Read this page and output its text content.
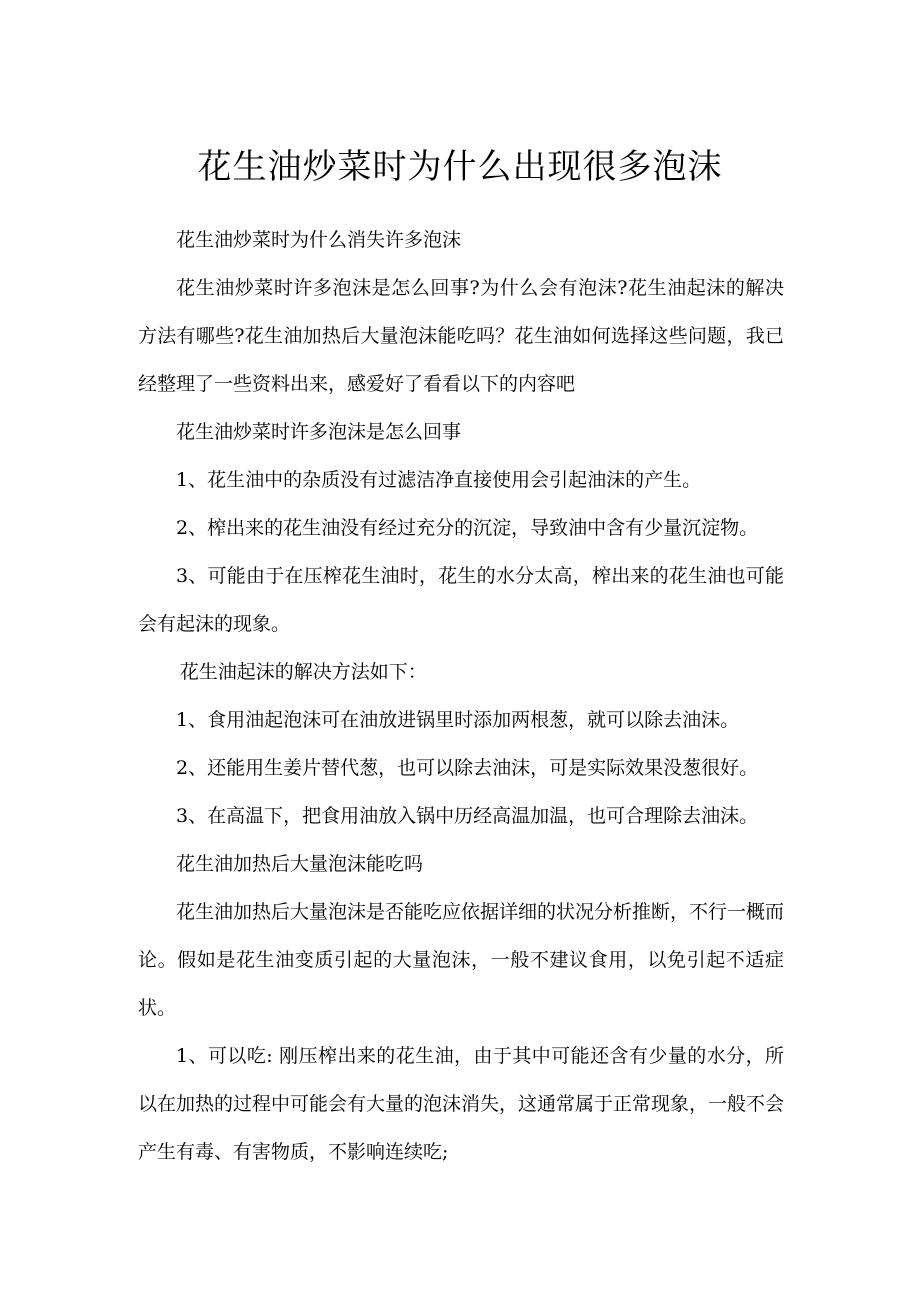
花生油炒菜时为什么出现很多泡沫

花生油炒菜时为什么消失许多泡沫

花生油炒菜时许多泡沫是怎么回事?为什么会有泡沫?花生油起沫的解决方法有哪些?花生油加热后大量泡沫能吃吗？花生油如何选择这些问题，我已经整理了一些资料出来，感爱好了看看以下的内容吧

花生油炒菜时许多泡沫是怎么回事

1、花生油中的杂质没有过滤洁净直接使用会引起油沫的产生。

2、榨出来的花生油没有经过充分的沉淀，导致油中含有少量沉淀物。

3、可能由于在压榨花生油时，花生的水分太高，榨出来的花生油也可能会有起沫的现象。

花生油起沫的解决方法如下：

1、食用油起泡沫可在油放进锅里时添加两根葱，就可以除去油沫。

2、还能用生姜片替代葱，也可以除去油沫，可是实际效果没葱很好。

3、在高温下，把食用油放入锅中历经高温加温，也可合理除去油沫。

花生油加热后大量泡沫能吃吗

花生油加热后大量泡沫是否能吃应依据详细的状况分析推断，不行一概而论。假如是花生油变质引起的大量泡沫，一般不建议食用，以免引起不适症状。

1、可以吃: 刚压榨出来的花生油，由于其中可能还含有少量的水分，所以在加热的过程中可能会有大量的泡沫消失，这通常属于正常现象，一般不会产生有毒、有害物质，不影响连续吃;
